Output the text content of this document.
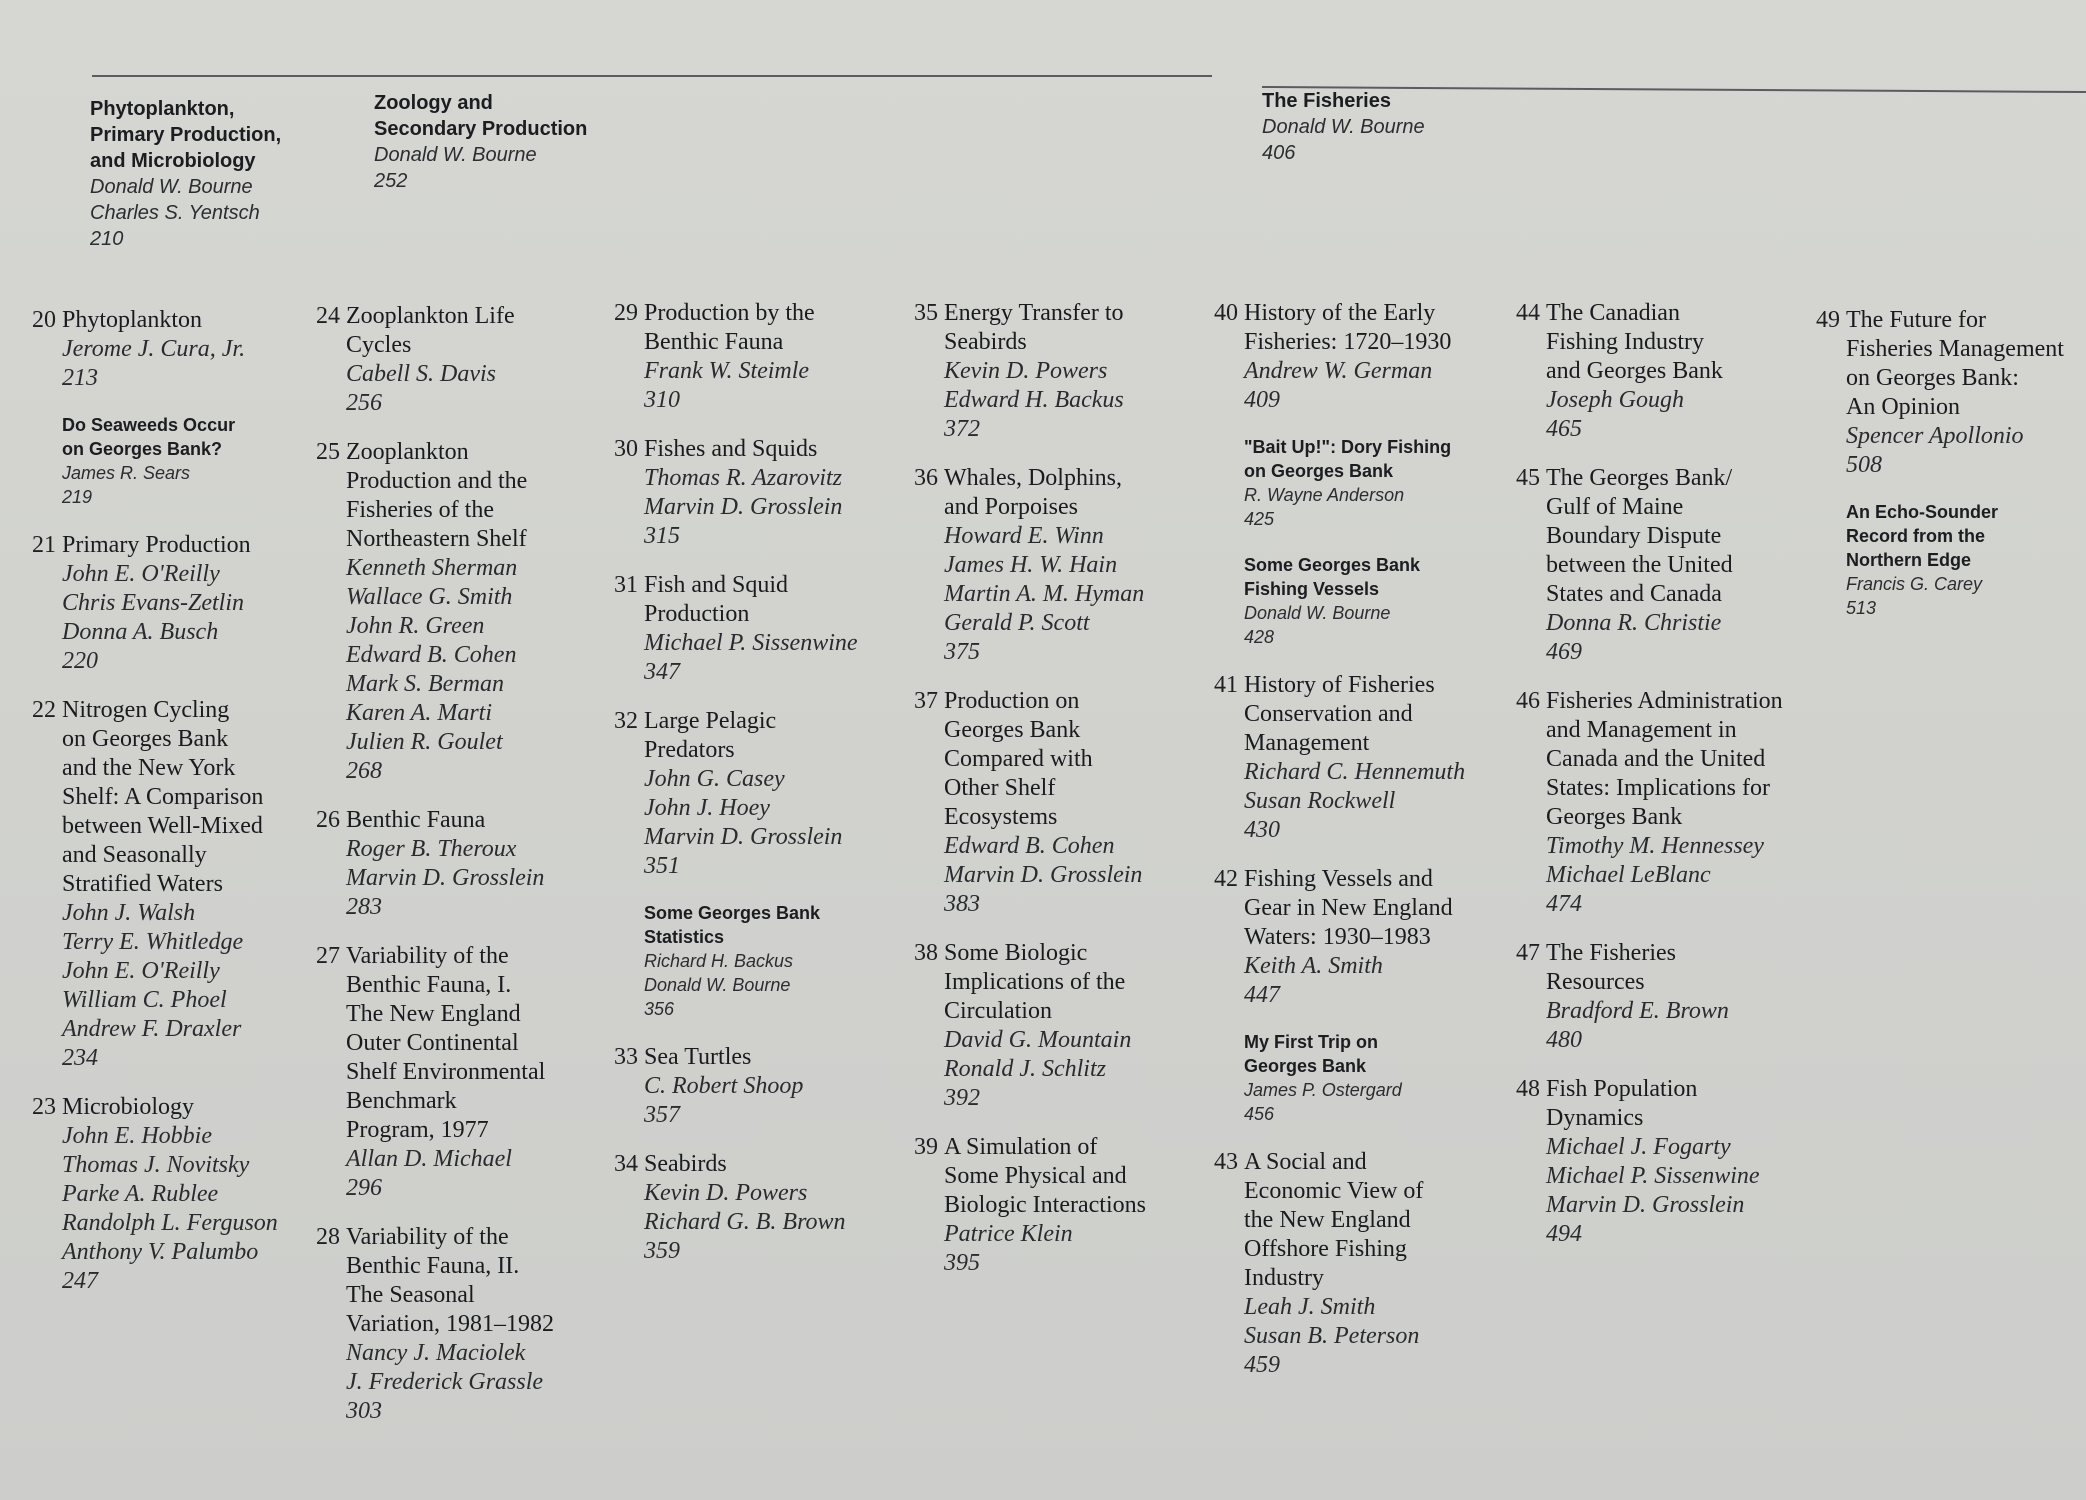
Phytoplankton,
Primary Production,
and Microbiology
Donald W. Bourne
Charles S. Yentsch
210
Zoology and
Secondary Production
Donald W. Bourne
252
The Fisheries
Donald W. Bourne
406
20 Phytoplankton
Jerome J. Cura, Jr.
213
Do Seaweeds Occur
on Georges Bank?
James R. Sears
219
21 Primary Production
John E. O'Reilly
Chris Evans-Zetlin
Donna A. Busch
220
22 Nitrogen Cycling
on Georges Bank
and the New York
Shelf: A Comparison
between Well-Mixed
and Seasonally
Stratified Waters
John J. Walsh
Terry E. Whitledge
John E. O'Reilly
William C. Phoel
Andrew F. Draxler
234
23 Microbiology
John E. Hobbie
Thomas J. Novitsky
Parke A. Rublee
Randolph L. Ferguson
Anthony V. Palumbo
247
24 Zooplankton Life
Cycles
Cabell S. Davis
256
25 Zooplankton
Production and the
Fisheries of the
Northeastern Shelf
Kenneth Sherman
Wallace G. Smith
John R. Green
Edward B. Cohen
Mark S. Berman
Karen A. Marti
Julien R. Goulet
268
26 Benthic Fauna
Roger B. Theroux
Marvin D. Grosslein
283
27 Variability of the
Benthic Fauna, I.
The New England
Outer Continental
Shelf Environmental
Benchmark
Program, 1977
Allan D. Michael
296
28 Variability of the
Benthic Fauna, II.
The Seasonal
Variation, 1981–1982
Nancy J. Maciolek
J. Frederick Grassle
303
29 Production by the
Benthic Fauna
Frank W. Steimle
310
30 Fishes and Squids
Thomas R. Azarovitz
Marvin D. Grosslein
315
31 Fish and Squid
Production
Michael P. Sissenwine
347
32 Large Pelagic
Predators
John G. Casey
John J. Hoey
Marvin D. Grosslein
351
Some Georges Bank
Statistics
Richard H. Backus
Donald W. Bourne
356
33 Sea Turtles
C. Robert Shoop
357
34 Seabirds
Kevin D. Powers
Richard G. B. Brown
359
35 Energy Transfer to
Seabirds
Kevin D. Powers
Edward H. Backus
372
36 Whales, Dolphins,
and Porpoises
Howard E. Winn
James H. W. Hain
Martin A. M. Hyman
Gerald P. Scott
375
37 Production on
Georges Bank
Compared with
Other Shelf
Ecosystems
Edward B. Cohen
Marvin D. Grosslein
383
38 Some Biologic
Implications of the
Circulation
David G. Mountain
Ronald J. Schlitz
392
39 A Simulation of
Some Physical and
Biologic Interactions
Patrice Klein
395
40 History of the Early
Fisheries: 1720–1930
Andrew W. German
409
"Bait Up!": Dory Fishing
on Georges Bank
R. Wayne Anderson
425
Some Georges Bank
Fishing Vessels
Donald W. Bourne
428
41 History of Fisheries
Conservation and
Management
Richard C. Hennemuth
Susan Rockwell
430
42 Fishing Vessels and
Gear in New England
Waters: 1930–1983
Keith A. Smith
447
My First Trip on
Georges Bank
James P. Ostergard
456
43 A Social and
Economic View of
the New England
Offshore Fishing
Industry
Leah J. Smith
Susan B. Peterson
459
44 The Canadian
Fishing Industry
and Georges Bank
Joseph Gough
465
45 The Georges Bank/
Gulf of Maine
Boundary Dispute
between the United
States and Canada
Donna R. Christie
469
46 Fisheries Administration
and Management in
Canada and the United
States: Implications for
Georges Bank
Timothy M. Hennessey
Michael LeBlanc
474
47 The Fisheries
Resources
Bradford E. Brown
480
48 Fish Population
Dynamics
Michael J. Fogarty
Michael P. Sissenwine
Marvin D. Grosslein
494
49 The Future for
Fisheries Management
on Georges Bank:
An Opinion
Spencer Apollonio
508
An Echo-Sounder
Record from the
Northern Edge
Francis G. Carey
513
